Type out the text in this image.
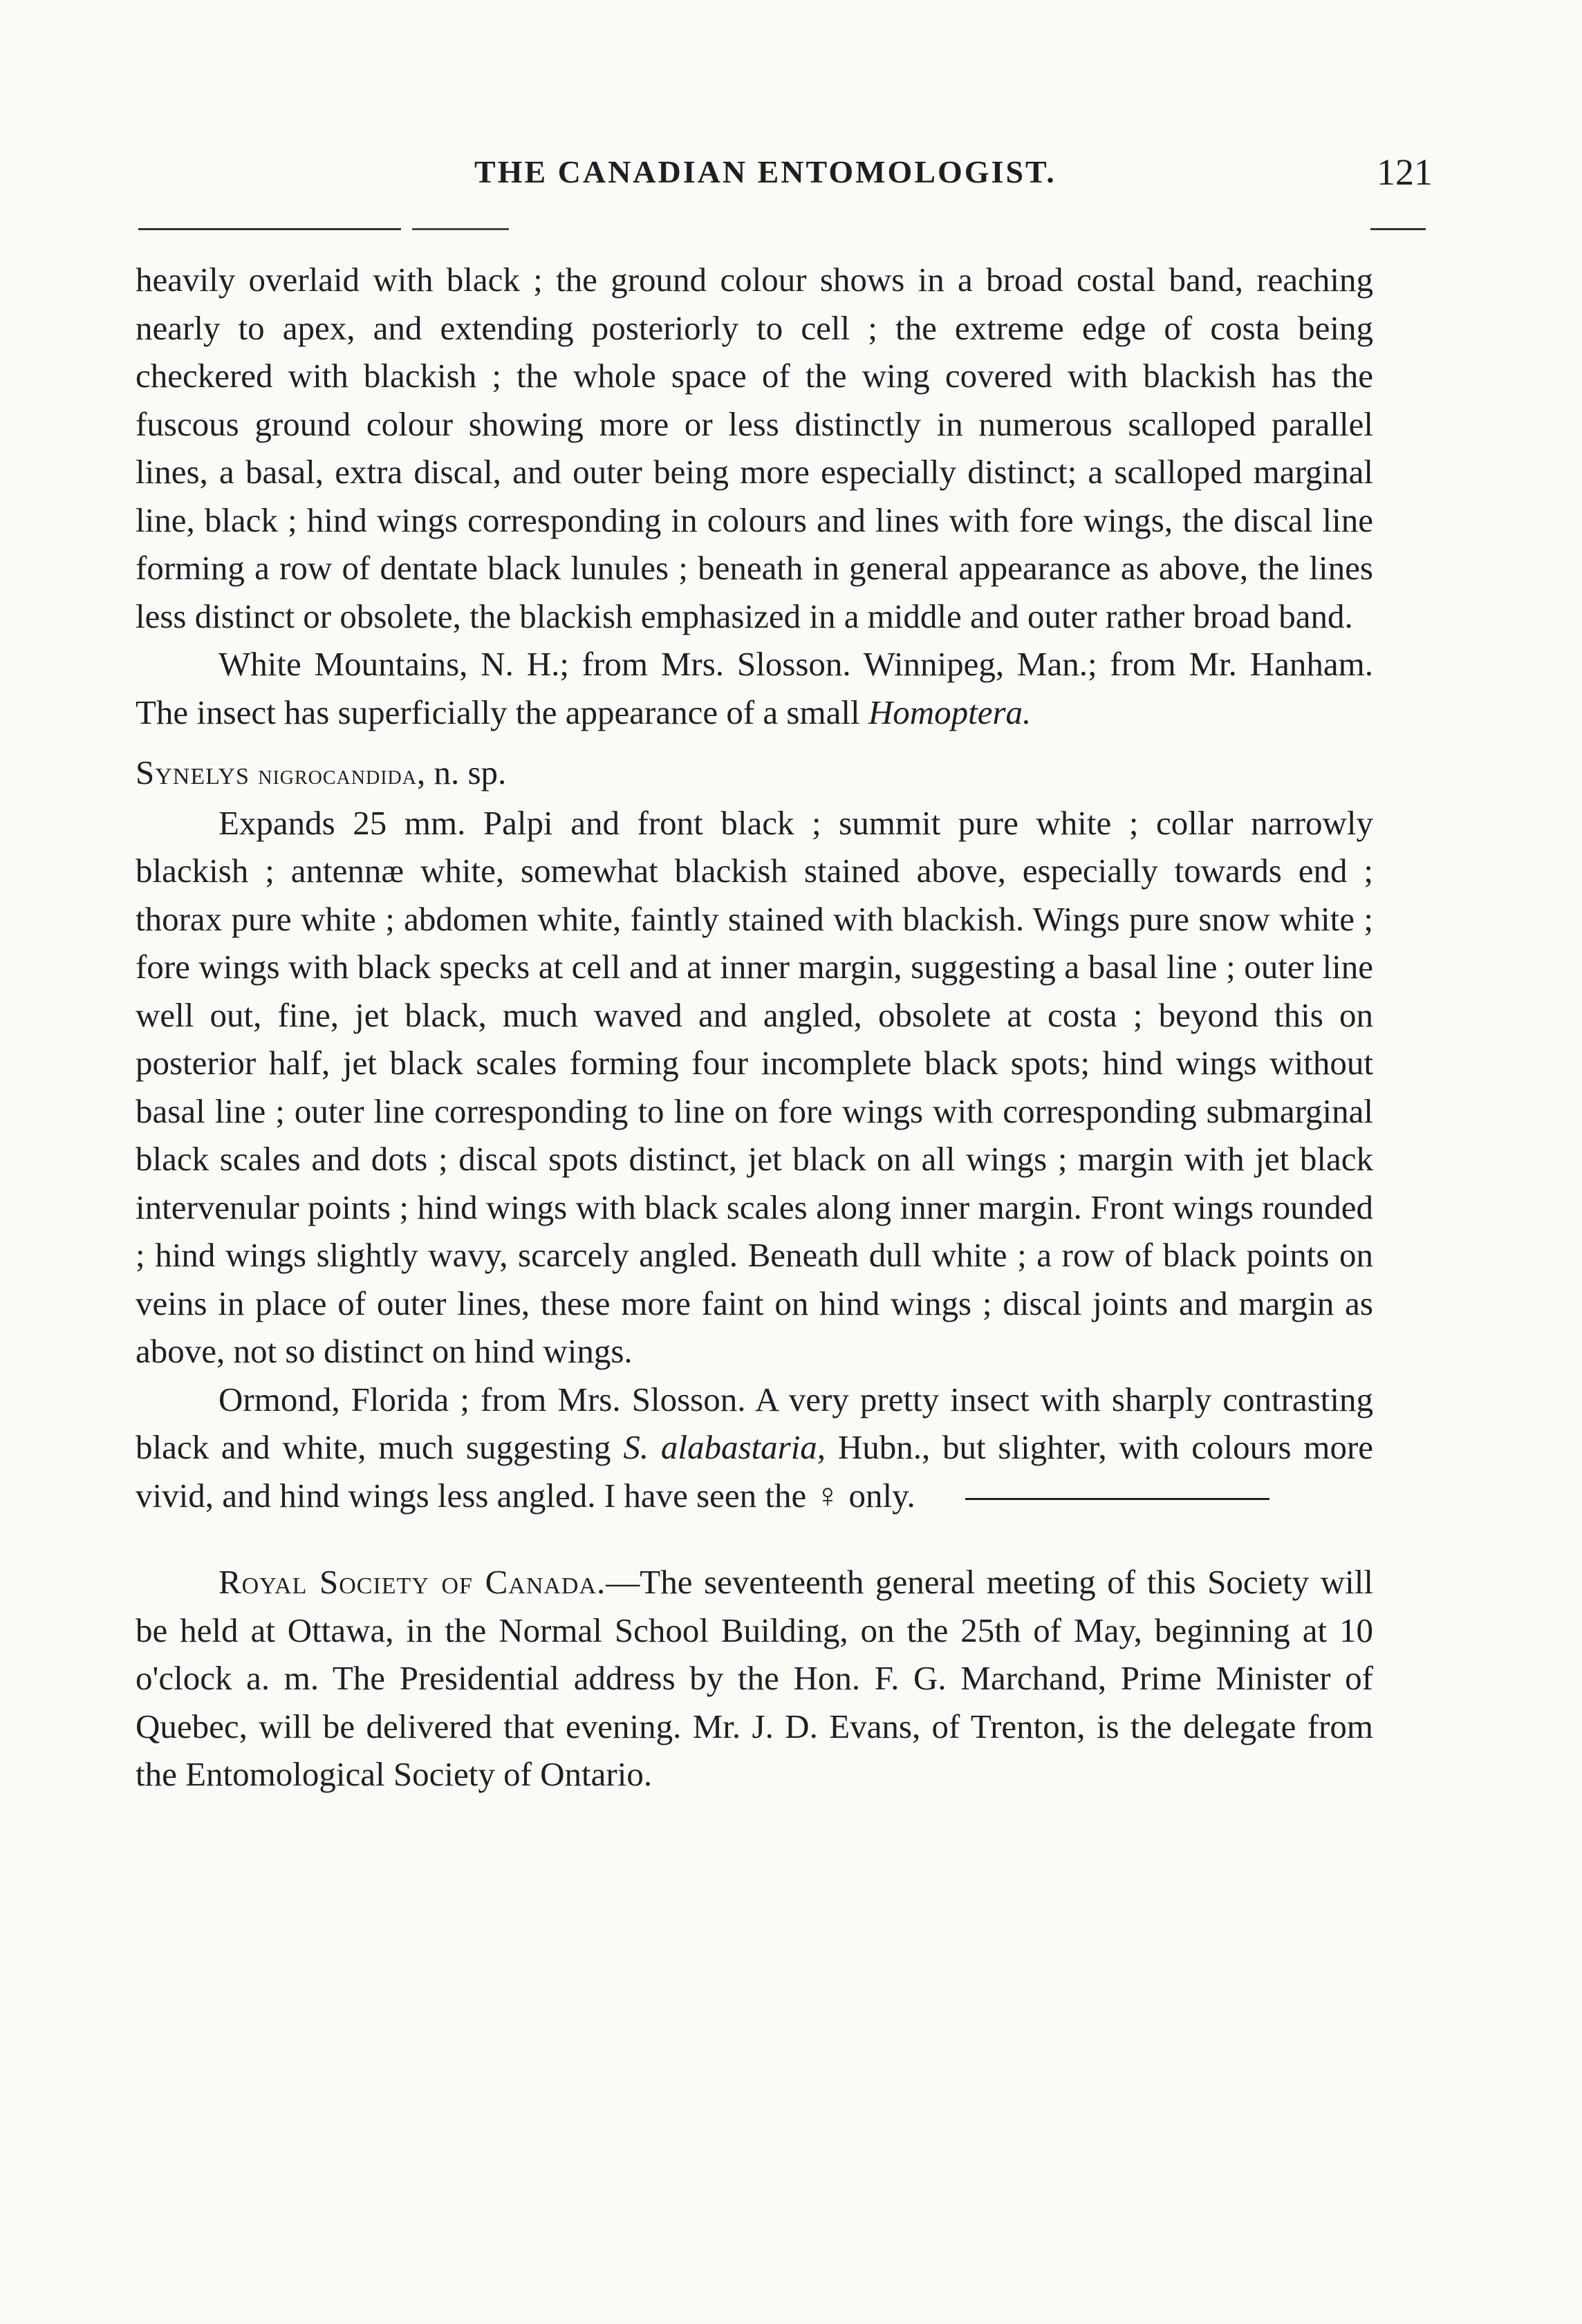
THE CANADIAN ENTOMOLOGIST.	121

heavily overlaid with black ; the ground colour shows in a broad costal band, reaching nearly to apex, and extending posteriorly to cell ; the extreme edge of costa being checkered with blackish ; the whole space of the wing covered with blackish has the fuscous ground colour showing more or less distinctly in numerous scalloped parallel lines, a basal, extra discal, and outer being more especially distinct; a scalloped marginal line, black ; hind wings corresponding in colours and lines with fore wings, the discal line forming a row of dentate black lunules ; beneath in general appearance as above, the lines less distinct or obsolete, the blackish emphasized in a middle and outer rather broad band.

White Mountains, N. H.; from Mrs. Slosson. Winnipeg, Man.; from Mr. Hanham. The insect has superficially the appearance of a small Homoptera.

Synelys nigrocandida, n. sp.

Expands 25 mm. Palpi and front black ; summit pure white ; collar narrowly blackish ; antennæ white, somewhat blackish stained above, especially towards end ; thorax pure white ; abdomen white, faintly stained with blackish. Wings pure snow white ; fore wings with black specks at cell and at inner margin, suggesting a basal line ; outer line well out, fine, jet black, much waved and angled, obsolete at costa ; beyond this on posterior half, jet black scales forming four incomplete black spots; hind wings without basal line ; outer line corresponding to line on fore wings with corresponding submarginal black scales and dots ; discal spots distinct, jet black on all wings ; margin with jet black intervenular points ; hind wings with black scales along inner margin. Front wings rounded ; hind wings slightly wavy, scarcely angled. Beneath dull white ; a row of black points on veins in place of outer lines, these more faint on hind wings ; discal joints and margin as above, not so distinct on hind wings.

Ormond, Florida ; from Mrs. Slosson. A very pretty insect with sharply contrasting black and white, much suggesting S. alabastaria, Hubn., but slighter, with colours more vivid, and hind wings less angled. I have seen the ♀ only.

Royal Society of Canada.—The seventeenth general meeting of this Society will be held at Ottawa, in the Normal School Building, on the 25th of May, beginning at 10 o'clock a. m. The Presidential address by the Hon. F. G. Marchand, Prime Minister of Quebec, will be delivered that evening. Mr. J. D. Evans, of Trenton, is the delegate from the Entomological Society of Ontario.
